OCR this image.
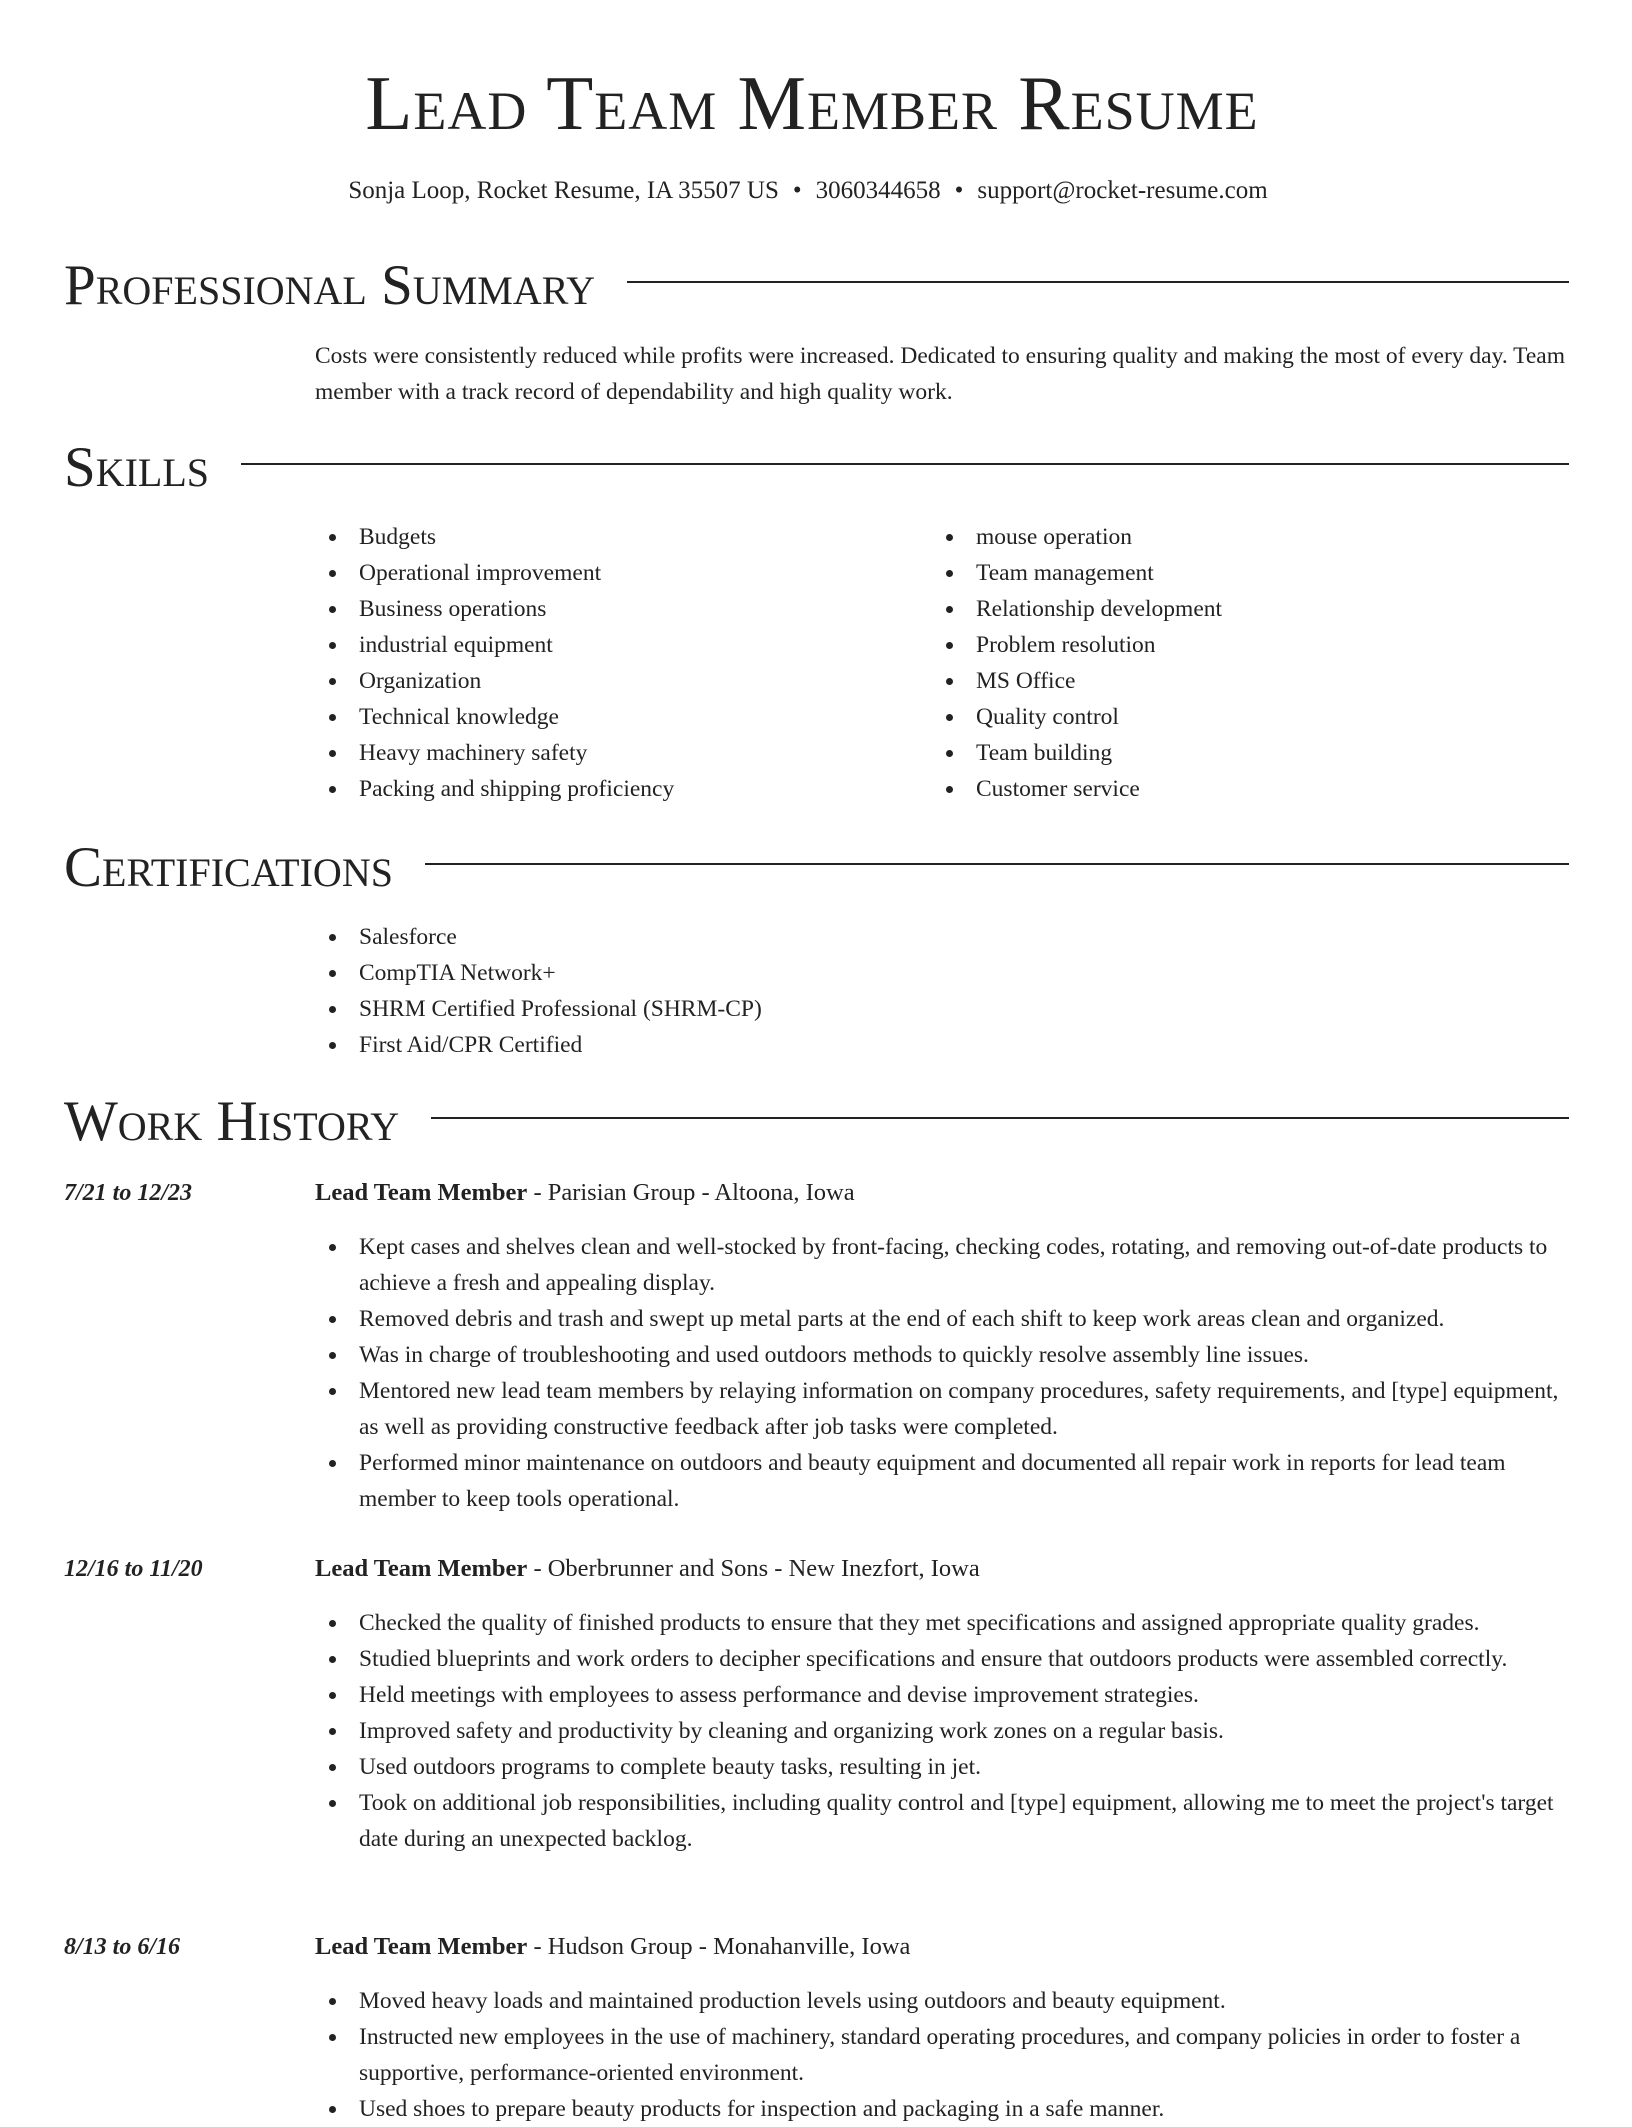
Lead Team Member Resume
Sonja Loop, Rocket Resume, IA 35507 US • 3060344658 • support@rocket-resume.com
Professional Summary
Costs were consistently reduced while profits were increased. Dedicated to ensuring quality and making the most of every day. Team member with a track record of dependability and high quality work.
Skills
Budgets
Operational improvement
Business operations
industrial equipment
Organization
Technical knowledge
Heavy machinery safety
Packing and shipping proficiency
mouse operation
Team management
Relationship development
Problem resolution
MS Office
Quality control
Team building
Customer service
Certifications
Salesforce
CompTIA Network+
SHRM Certified Professional (SHRM-CP)
First Aid/CPR Certified
Work History
7/21 to 12/23	Lead Team Member - Parisian Group - Altoona, Iowa
Kept cases and shelves clean and well-stocked by front-facing, checking codes, rotating, and removing out-of-date products to achieve a fresh and appealing display.
Removed debris and trash and swept up metal parts at the end of each shift to keep work areas clean and organized.
Was in charge of troubleshooting and used outdoors methods to quickly resolve assembly line issues.
Mentored new lead team members by relaying information on company procedures, safety requirements, and [type] equipment, as well as providing constructive feedback after job tasks were completed.
Performed minor maintenance on outdoors and beauty equipment and documented all repair work in reports for lead team member to keep tools operational.
12/16 to 11/20	Lead Team Member - Oberbrunner and Sons - New Inezfort, Iowa
Checked the quality of finished products to ensure that they met specifications and assigned appropriate quality grades.
Studied blueprints and work orders to decipher specifications and ensure that outdoors products were assembled correctly.
Held meetings with employees to assess performance and devise improvement strategies.
Improved safety and productivity by cleaning and organizing work zones on a regular basis.
Used outdoors programs to complete beauty tasks, resulting in jet.
Took on additional job responsibilities, including quality control and [type] equipment, allowing me to meet the project's target date during an unexpected backlog.
8/13 to 6/16	Lead Team Member - Hudson Group - Monahanville, Iowa
Moved heavy loads and maintained production levels using outdoors and beauty equipment.
Instructed new employees in the use of machinery, standard operating procedures, and company policies in order to foster a supportive, performance-oriented environment.
Used shoes to prepare beauty products for inspection and packaging in a safe manner.
